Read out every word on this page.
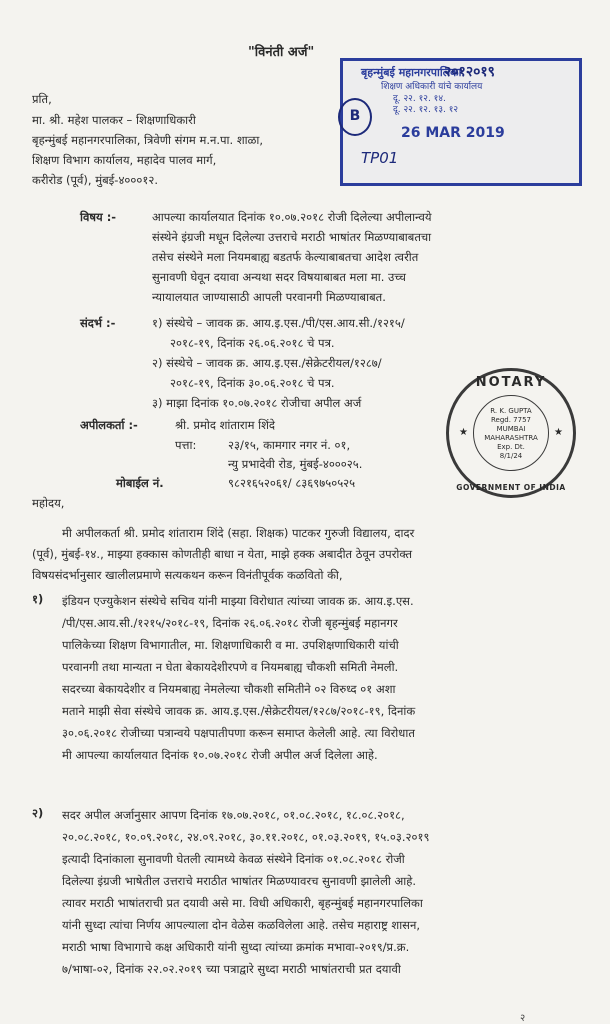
"विनंती अर्ज"
बृहन्मुंबई महानगरपालिका
शिक्षण अधिकारी यांचे कार्यालय
दू. २२. १२. १४.
दू. २२. १२. १३. १२
26 MAR 2019
TP01
२०१२०१९
B
प्रति,
मा. श्री. महेश पालकर – शिक्षणाधिकारी
बृहन्मुंबई महानगरपालिका, त्रिवेणी संगम म.न.पा. शाळा,
शिक्षण विभाग कार्यालय, महादेव पालव मार्ग,
करीरोड (पूर्व), मुंबई-४०००१२.
विषय :-	आपल्या कार्यालयात दिनांक १०.०७.२०१८ रोजी दिलेल्या अपीलान्वये
संस्थेने इंग्रजी मधून दिलेल्या उत्तराचे मराठी भाषांतर मिळण्याबाबतचा
तसेच संस्थेने मला नियमबाह्य बडतर्फ केल्याबाबतचा आदेश त्वरीत
सुनावणी घेवून दयावा अन्यथा सदर विषयाबाबत मला मा. उच्च
न्यायालयात जाण्यासाठी आपली परवानगी मिळण्याबाबत.
संदर्भ :-	१) संस्थेचे – जावक क्र. आय.इ.एस./पी/एस.आय.सी./१२१५/
२०१८-१९, दिनांक २६.०६.२०१८ चे पत्र.
२) संस्थेचे – जावक क्र. आय.इ.एस./सेक्रेटरीयल/१२८७/
२०१८-१९, दिनांक ३०.०६.२०१८ चे पत्र.
३) माझा दिनांक १०.०७.२०१८ रोजीचा अपील अर्ज
अपीलकर्ता :-	श्री. प्रमोद शांताराम शिंदे
पत्ता:	२३/१५, कामगार नगर नं. ०१,
न्यु प्रभादेवी रोड, मुंबई-४०००२५.
मोबाईल नं.	९८२१६५२०६१/ ८३६९७५०५२५
NOTARY
★	★
R. K. GUPTA
Regd. 7757
MUMBAI
MAHARASHTRA
Exp. Dt.
8/1/24
GOVERNMENT OF INDIA
महोदय,
मी अपीलकर्ता श्री. प्रमोद शांताराम शिंदे (सहा. शिक्षक) पाटकर गुरुजी विद्यालय, दादर
(पूर्व), मुंबई-१४., माझ्या हक्कास कोणतीही बाधा न येता, माझे हक्क अबादीत ठेवून उपरोक्त
विषयसंदर्भानुसार खालीलप्रमाणे सत्यकथन करून विनंतीपूर्वक कळवितो की,
१) इंडियन एज्युकेशन संस्थेचे सचिव यांनी माझ्या विरोधात त्यांच्या जावक क्र. आय.इ.एस.
/पी/एस.आय.सी./१२१५/२०१८-१९, दिनांक २६.०६.२०१८ रोजी बृहन्मुंबई महानगर
पालिकेच्या शिक्षण विभागातील, मा. शिक्षणाधिकारी व मा. उपशिक्षणाधिकारी यांची
परवानगी तथा मान्यता न घेता बेकायदेशीरपणे व नियमबाह्य चौकशी समिती नेमली.
सदरच्या बेकायदेशीर व नियमबाह्य नेमलेल्या चौकशी समितीने ०२ विरुध्द ०१ अशा
मताने माझी सेवा संस्थेचे जावक क्र. आय.इ.एस./सेक्रेटरीयल/१२८७/२०१८-१९, दिनांक
३०.०६.२०१८ रोजीच्या पत्रान्वये पक्षपातीपणा करून समाप्त केलेली आहे. त्या विरोधात
मी आपल्या कार्यालयात दिनांक १०.०७.२०१८ रोजी अपील अर्ज दिलेला आहे.
२) सदर अपील अर्जानुसार आपण दिनांक १७.०७.२०१८, ०१.०८.२०१८, १८.०८.२०१८,
२०.०८.२०१८, १०.०९.२०१८, २४.०९.२०१८, ३०.११.२०१८, ०१.०३.२०१९, १५.०३.२०१९
इत्यादी दिनांकाला सुनावणी घेतली त्यामध्ये केवळ संस्थेने दिनांक ०१.०८.२०१८ रोजी
दिलेल्या इंग्रजी भाषेतील उत्तराचे मराठीत भाषांतर मिळण्यावरच सुनावणी झालेली आहे.
त्यावर मराठी भाषांतराची प्रत दयावी असे मा. विधी अधिकारी, बृहन्मुंबई महानगरपालिका
यांनी सुध्दा त्यांचा निर्णय आपल्याला दोन वेळेस कळविलेला आहे. तसेच महाराष्ट्र शासन,
मराठी भाषा विभागाचे कक्ष अधिकारी यांनी सुध्दा त्यांच्या क्रमांक मभावा-२०१९/प्र.क्र.
७/भाषा-०२, दिनांक २२.०२.२०१९ च्या पत्राद्वारे सुध्दा मराठी भाषांतराची प्रत दयावी
२
